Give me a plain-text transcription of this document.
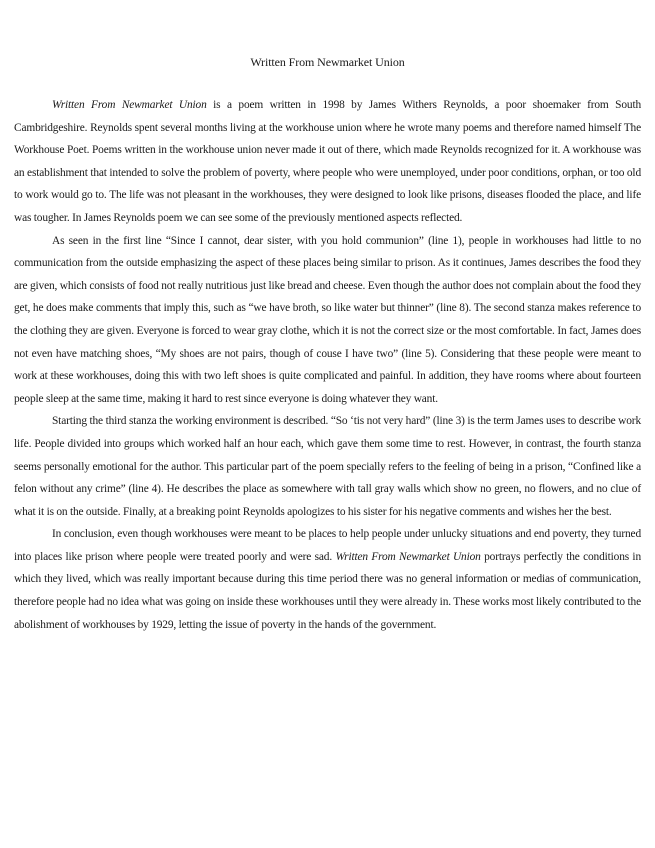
Written From Newmarket Union

Written From Newmarket Union is a poem written in 1998 by James Withers Reynolds, a poor shoemaker from South Cambridgeshire. Reynolds spent several months living at the workhouse union where he wrote many poems and therefore named himself The Workhouse Poet. Poems written in the workhouse union never made it out of there, which made Reynolds recognized for it. A workhouse was an establishment that intended to solve the problem of poverty, where people who were unemployed, under poor conditions, orphan, or too old to work would go to. The life was not pleasant in the workhouses, they were designed to look like prisons, diseases flooded the place, and life was tougher. In James Reynolds poem we can see some of the previously mentioned aspects reflected.

As seen in the first line “Since I cannot, dear sister, with you hold communion” (line 1), people in workhouses had little to no communication from the outside emphasizing the aspect of these places being similar to prison. As it continues, James describes the food they are given, which consists of food not really nutritious just like bread and cheese. Even though the author does not complain about the food they get, he does make comments that imply this, such as “we have broth, so like water but thinner” (line 8). The second stanza makes reference to the clothing they are given. Everyone is forced to wear gray clothe, which it is not the correct size or the most comfortable. In fact, James does not even have matching shoes, “My shoes are not pairs, though of couse I have two” (line 5). Considering that these people were meant to work at these workhouses, doing this with two left shoes is quite complicated and painful. In addition, they have rooms where about fourteen people sleep at the same time, making it hard to rest since everyone is doing whatever they want.

Starting the third stanza the working environment is described. “So ‘tis not very hard” (line 3) is the term James uses to describe work life. People divided into groups which worked half an hour each, which gave them some time to rest. However, in contrast, the fourth stanza seems personally emotional for the author. This particular part of the poem specially refers to the feeling of being in a prison, “Confined like a felon without any crime” (line 4). He describes the place as somewhere with tall gray walls which show no green, no flowers, and no clue of what it is on the outside. Finally, at a breaking point Reynolds apologizes to his sister for his negative comments and wishes her the best.

In conclusion, even though workhouses were meant to be places to help people under unlucky situations and end poverty, they turned into places like prison where people were treated poorly and were sad. Written From Newmarket Union portrays perfectly the conditions in which they lived, which was really important because during this time period there was no general information or medias of communication, therefore people had no idea what was going on inside these workhouses until they were already in. These works most likely contributed to the abolishment of workhouses by 1929, letting the issue of poverty in the hands of the government.
